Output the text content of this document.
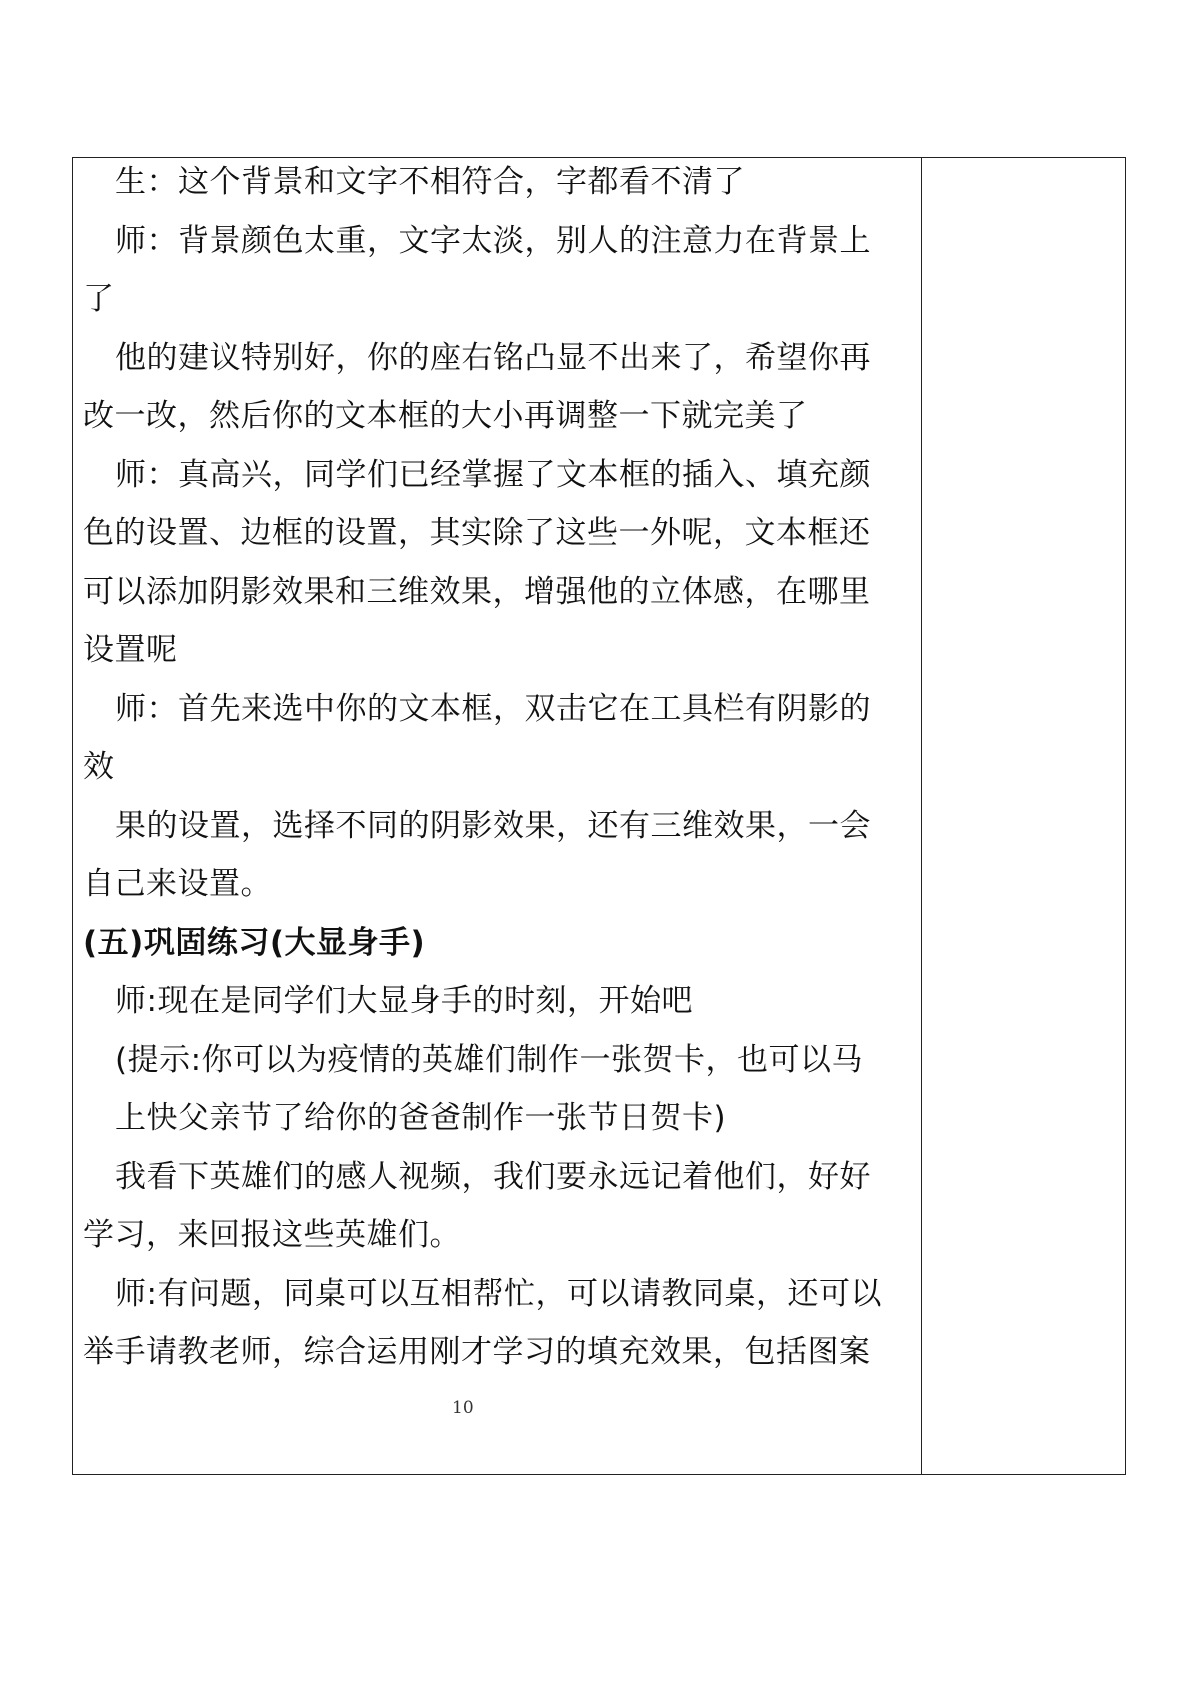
生：这个背景和文字不相符合，字都看不清了
师：背景颜色太重，文字太淡，别人的注意力在背景上
了
他的建议特别好，你的座右铭凸显不出来了，希望你再
改一改，然后你的文本框的大小再调整一下就完美了
师：真高兴，同学们已经掌握了文本框的插入、填充颜
色的设置、边框的设置，其实除了这些一外呢，文本框还
可以添加阴影效果和三维效果，增强他的立体感，在哪里
设置呢
师：首先来选中你的文本框，双击它在工具栏有阴影的
效
果的设置，选择不同的阴影效果，还有三维效果，一会
自己来设置。
(五)巩固练习(大显身手)
师:现在是同学们大显身手的时刻，开始吧
(提示:你可以为疫情的英雄们制作一张贺卡，也可以马
上快父亲节了给你的爸爸制作一张节日贺卡)
我看下英雄们的感人视频，我们要永远记着他们，好好
学习，来回报这些英雄们。
师:有问题，同桌可以互相帮忙，可以请教同桌，还可以
举手请教老师，综合运用刚才学习的填充效果，包括图案
10
